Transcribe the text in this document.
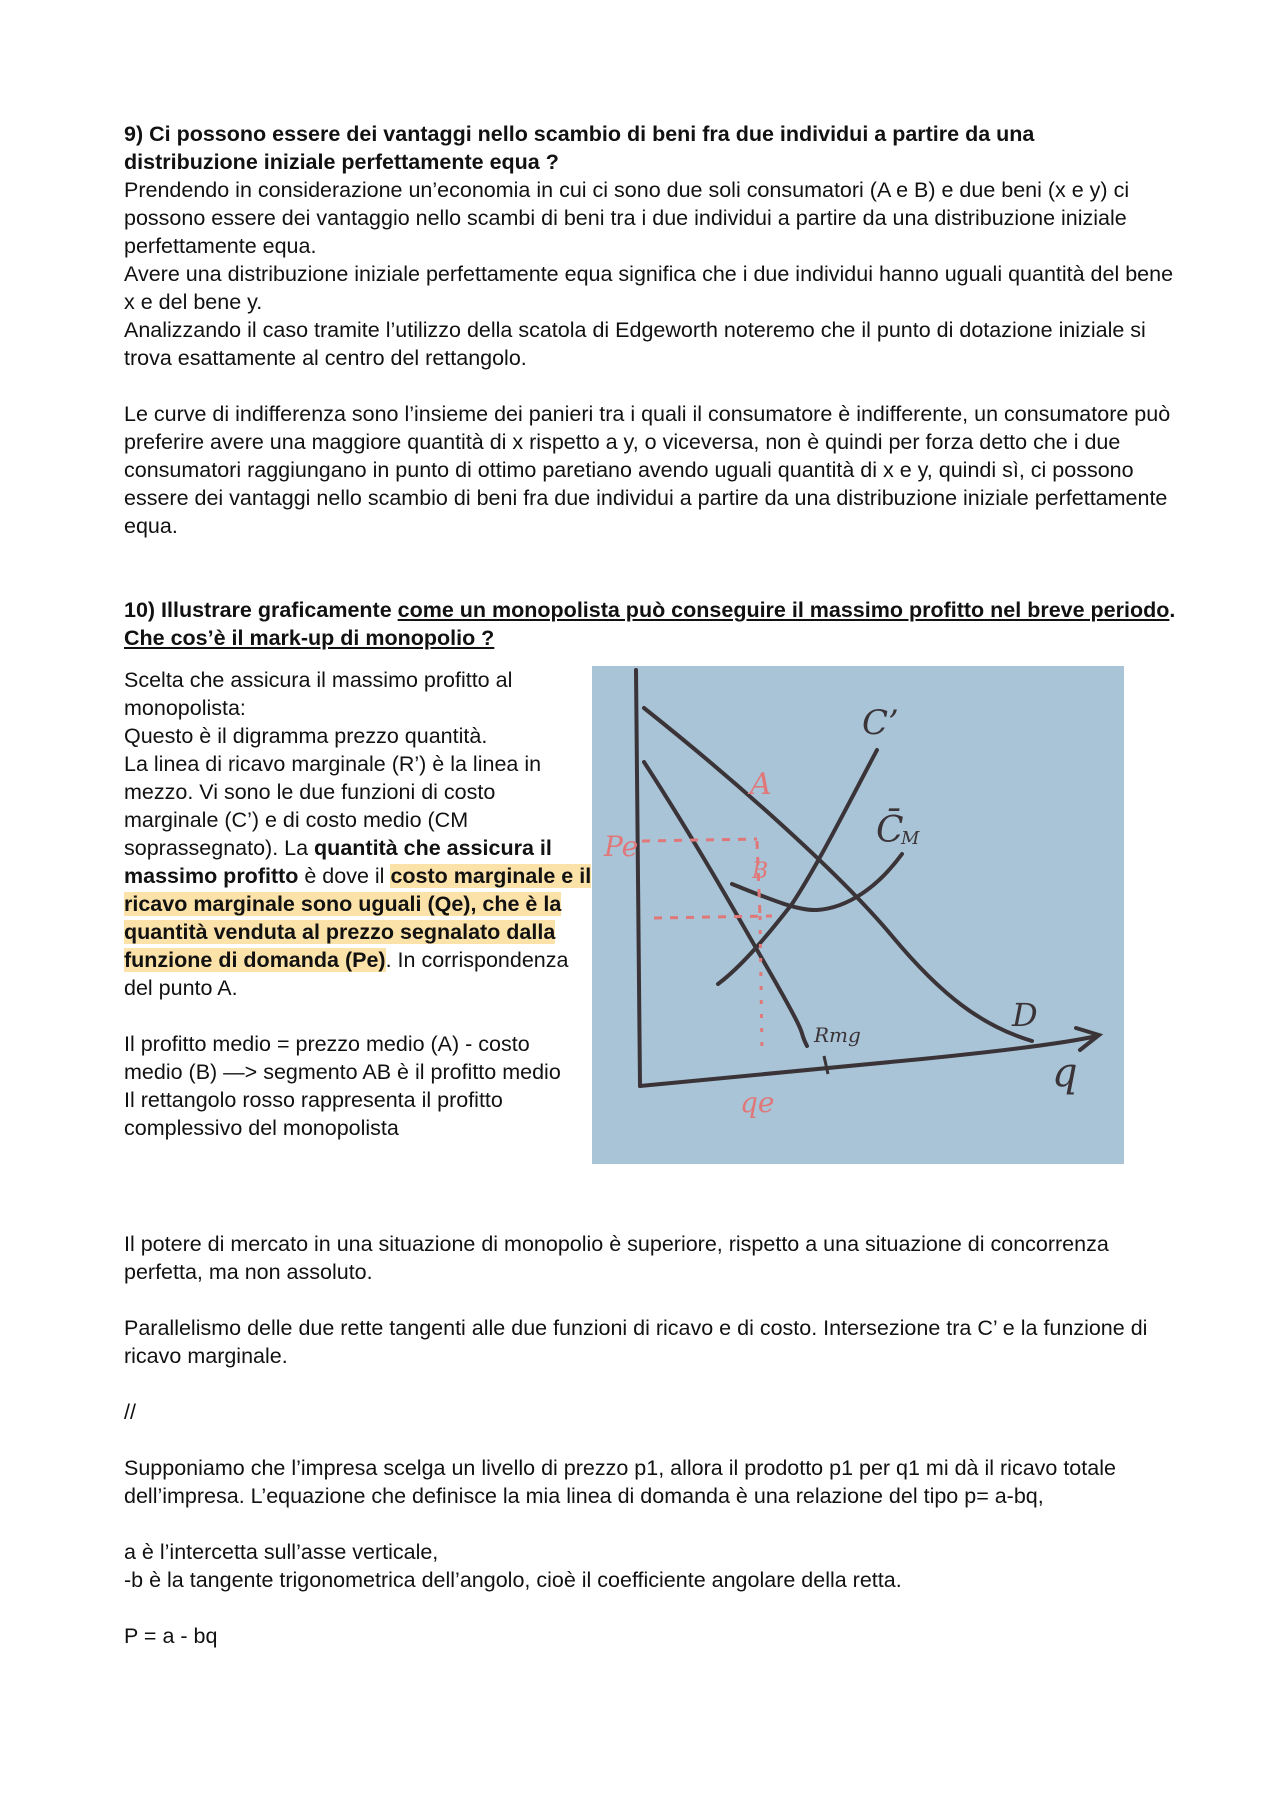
9) Ci possono essere dei vantaggi nello scambio di beni fra due individui a partire da una
distribuzione iniziale perfettamente equa ?

Prendendo in considerazione un’economia in cui ci sono due soli consumatori (A e B) e due beni (x e y) ci possono essere dei vantaggio nello scambi di beni tra i due individui a partire da una distribuzione iniziale perfettamente equa.

Avere una distribuzione iniziale perfettamente equa significa che i due individui hanno uguali quantità del bene x e del bene y.

Analizzando il caso tramite l’utilizzo della scatola di Edgeworth noteremo che il punto di dotazione iniziale si trova esattamente al centro del rettangolo.

Le curve di indifferenza sono l’insieme dei panieri tra i quali il consumatore è indifferente, un consumatore può preferire avere una maggiore quantità di x rispetto a y, o viceversa, non è quindi per forza detto che i due consumatori raggiungano in punto di ottimo paretiano avendo uguali quantità di x e y, quindi sì, ci possono essere dei vantaggi nello scambio di beni fra due individui a partire da una distribuzione iniziale perfettamente equa.

10) Illustrare graficamente come un monopolista può conseguire il massimo profitto nel breve periodo. Che cos’è il mark-up di monopolio ?

Scelta che assicura il massimo profitto al monopolista:

Questo è il digramma prezzo quantità.

La linea di ricavo marginale (R’) è la linea in mezzo. Vi sono le due funzioni di costo marginale (C’) e di costo medio (CM soprassegnato). La quantità che assicura il massimo profitto è dove il costo marginale e il ricavo marginale sono uguali (Qe), che è la quantità venduta al prezzo segnalato dalla funzione di domanda (Pe). In corrispondenza del punto A.

Il profitto medio = prezzo medio (A) - costo medio (B) —> segmento AB è il profitto medio

Il rettangolo rosso rappresenta il profitto complessivo del monopolista

C’
C̄
M
A
B
Pe
D
Rmg
q
qe

Il potere di mercato in una situazione di monopolio è superiore, rispetto a una situazione di concorrenza perfetta, ma non assoluto.

Parallelismo delle due rette tangenti alle due funzioni di ricavo e di costo. Intersezione tra C’ e la funzione di ricavo marginale.

//

Supponiamo che l’impresa scelga un livello di prezzo p1, allora il prodotto p1 per q1 mi dà il ricavo totale dell’impresa. L’equazione che definisce la mia linea di domanda è una relazione del tipo p= a-bq,

a è l’intercetta sull’asse verticale,

-b è la tangente trigonometrica dell’angolo, cioè il coefficiente angolare della retta.

P = a - bq
